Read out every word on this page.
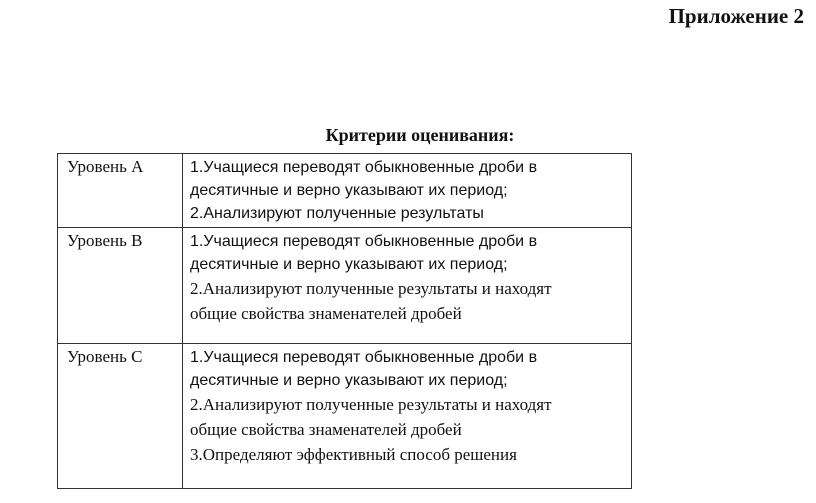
Приложение 2
Критерии оценивания:
Уровень A	1.Учащиеся переводят обыкновенные дроби в
десятичные и верно указывают их период;
2.Анализируют полученные результаты

Уровень B	1.Учащиеся переводят обыкновенные дроби в
десятичные и верно указывают их период;
2.Анализируют полученные результаты и находят
общие свойства знаменателей дробей

Уровень C	1.Учащиеся переводят обыкновенные дроби в
десятичные и верно указывают их период;
2.Анализируют полученные результаты и находят
общие свойства знаменателей дробей
3.Определяют эффективный способ решения
